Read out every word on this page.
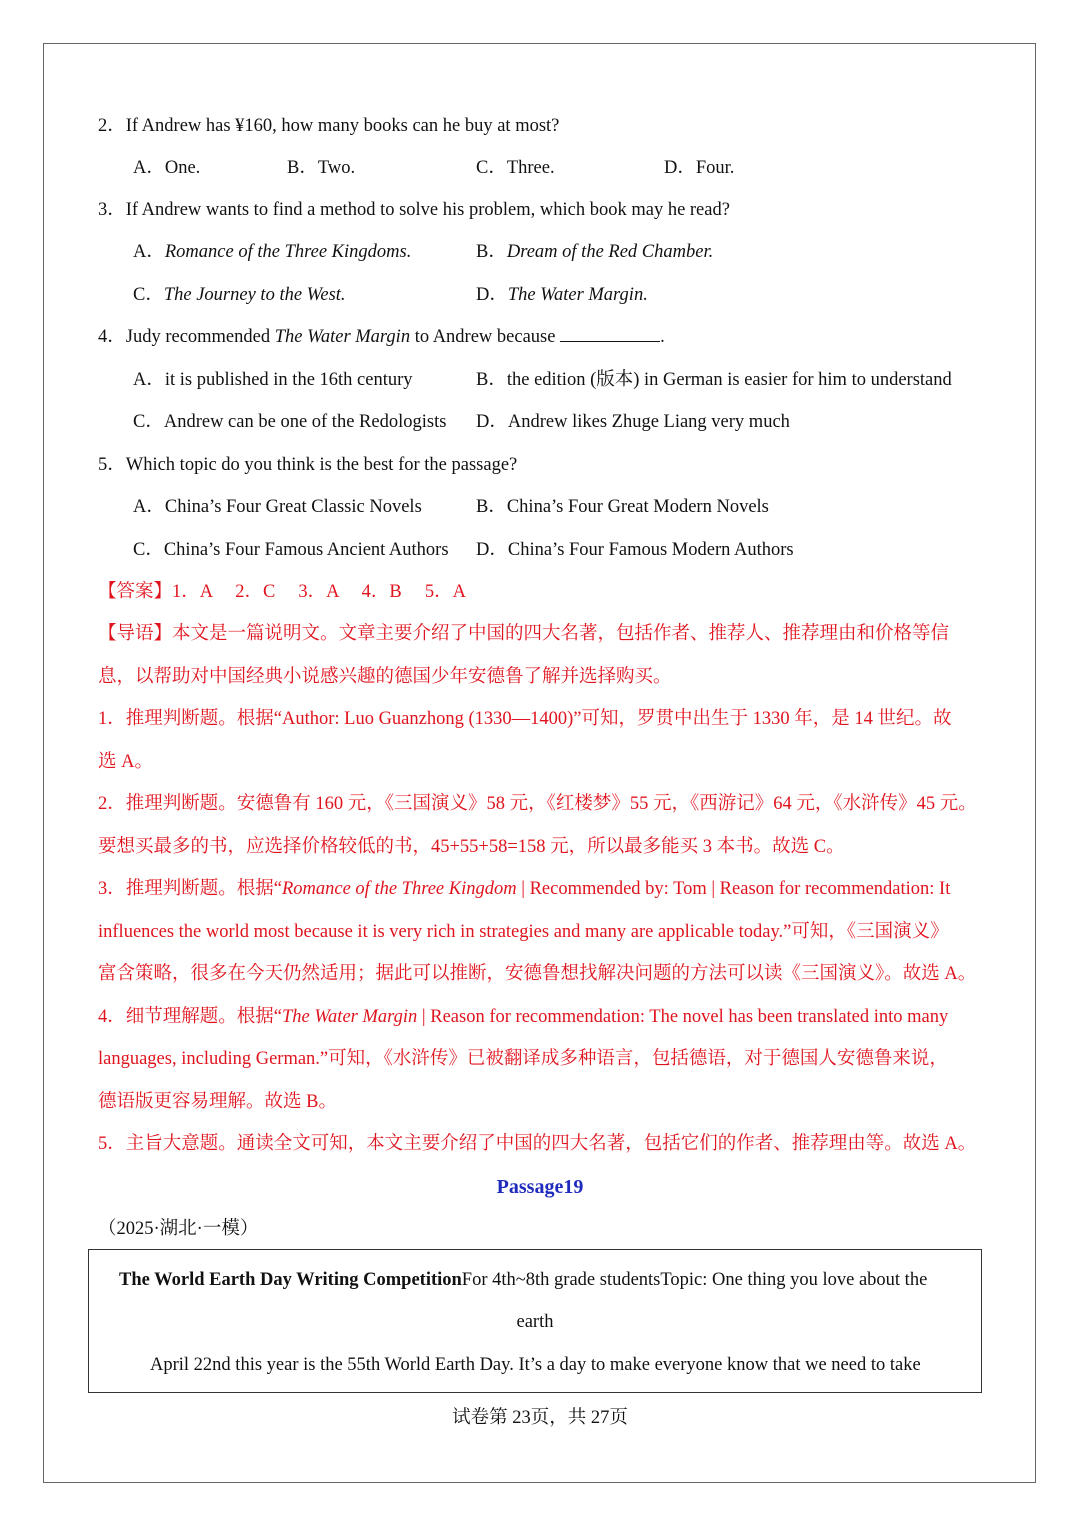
2．If Andrew has ¥160, how many books can he buy at most?
A．One.	B．Two.	C．Three.	D．Four.
3．If Andrew wants to find a method to solve his problem, which book may he read?
A．Romance of the Three Kingdoms.	B．Dream of the Red Chamber.
C．The Journey to the West.	D．The Water Margin.
4．Judy recommended The Water Margin to Andrew because	.
A．it is published in the 16th century	B．the edition (版本) in German is easier for him to understand
C．Andrew can be one of the Redologists D．Andrew likes Zhuge Liang very much
5．Which topic do you think is the best for the passage?
A．China’s Four Great Classic Novels	B．China’s Four Great Modern Novels
C．China’s Four Famous Ancient Authors D．China’s Four Famous Modern Authors
【答案】1．A　 2．C　 3．A　 4．B　 5．A
【导语】本文是一篇说明文。文章主要介绍了中国的四大名著，包括作者、推荐人、推荐理由和价格等信
息，以帮助对中国经典小说感兴趣的德国少年安德鲁了解并选择购买。
1．推理判断题。根据“Author: Luo Guanzhong (1330—1400)”可知，罗贯中出生于 1330 年，是 14 世纪。故
选 A。
2．推理判断题。安德鲁有 160 元，《三国演义》58 元，《红楼梦》55 元，《西游记》64 元，《水浒传》45 元。
要想买最多的书，应选择价格较低的书，45+55+58=158 元，所以最多能买 3 本书。故选 C。
3．推理判断题。根据“Romance of the Three Kingdom | Recommended by: Tom | Reason for recommendation: It
influences the world most because it is very rich in strategies and many are applicable today.”可知，《三国演义》
富含策略，很多在今天仍然适用；据此可以推断，安德鲁想找解决问题的方法可以读《三国演义》。故选 A。
4．细节理解题。根据“The Water Margin | Reason for recommendation: The novel has been translated into many
languages, including German.”可知，《水浒传》已被翻译成多种语言，包括德语，对于德国人安德鲁来说，
德语版更容易理解。故选 B。
5．主旨大意题。通读全文可知，本文主要介绍了中国的四大名著，包括它们的作者、推荐理由等。故选 A。
Passage19
（2025·湖北·一模）
The World Earth Day Writing CompetitionFor 4th~8th grade studentsTopic: One thing you love about the
earth
April 22nd this year is the 55th World Earth Day. It’s a day to make everyone know that we need to take
试卷第 23页，共 27页
